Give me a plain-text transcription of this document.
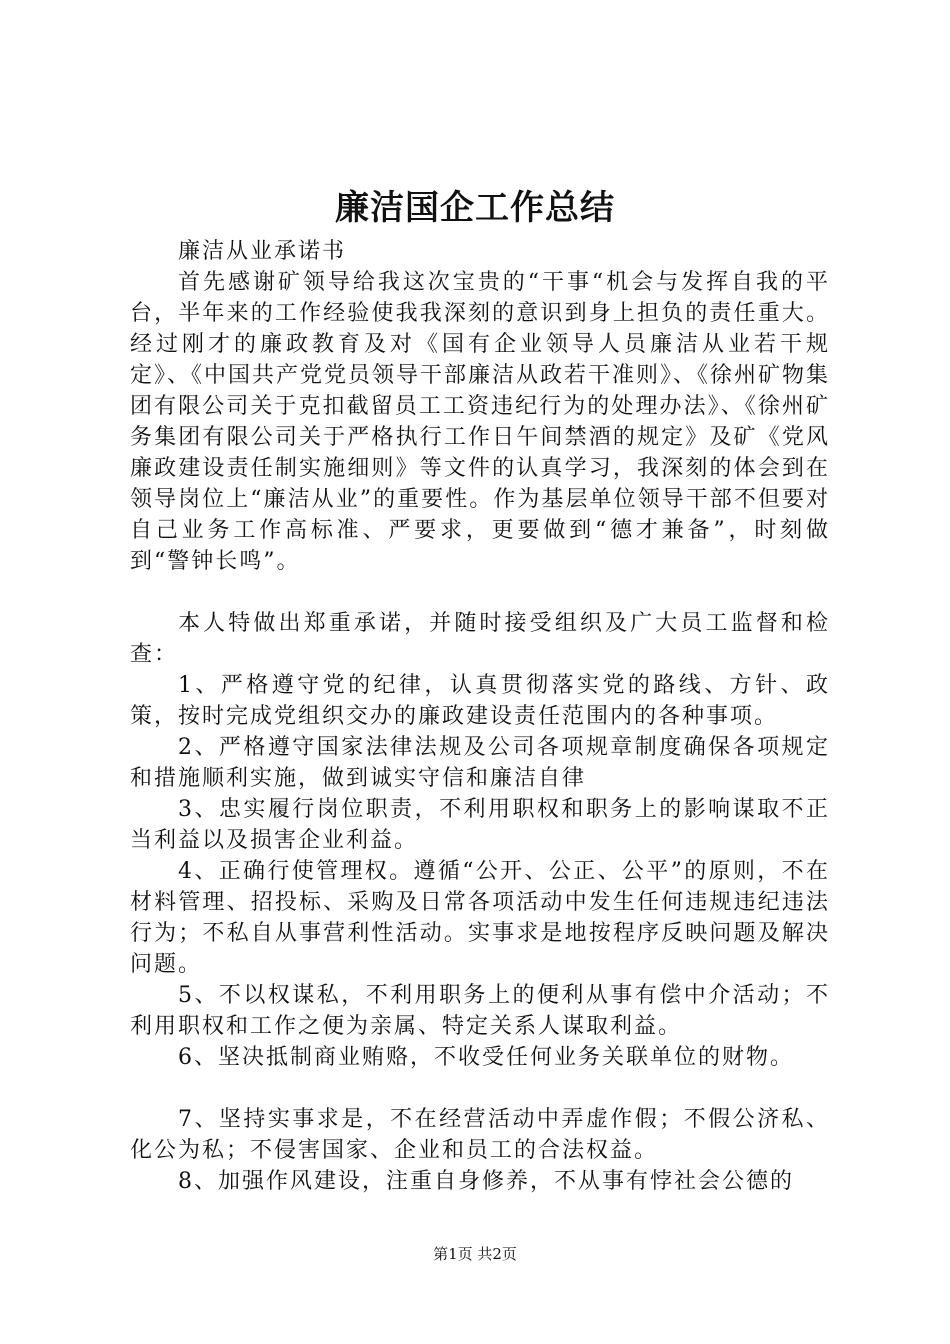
廉洁国企工作总结

廉洁从业承诺书

首先感谢矿领导给我这次宝贵的“干事“机会与发挥自我的平台，半年来的工作经验使我我深刻的意识到身上担负的责任重大。经过刚才的廉政教育及对《国有企业领导人员廉洁从业若干规定》、《中国共产党党员领导干部廉洁从政若干准则》、《徐州矿物集团有限公司关于克扣截留员工工资违纪行为的处理办法》、《徐州矿务集团有限公司关于严格执行工作日午间禁酒的规定》及矿《党风廉政建设责任制实施细则》等文件的认真学习，我深刻的体会到在领导岗位上“廉洁从业”的重要性。作为基层单位领导干部不但要对自己业务工作高标准、严要求，更要做到“德才兼备”，时刻做到“警钟长鸣”。

本人特做出郑重承诺，并随时接受组织及广大员工监督和检查：

1、严格遵守党的纪律，认真贯彻落实党的路线、方针、政策，按时完成党组织交办的廉政建设责任范围内的各种事项。

2、严格遵守国家法律法规及公司各项规章制度确保各项规定和措施顺利实施，做到诚实守信和廉洁自律

3、忠实履行岗位职责，不利用职权和职务上的影响谋取不正当利益以及损害企业利益。

4、正确行使管理权。遵循“公开、公正、公平”的原则，不在材料管理、招投标、采购及日常各项活动中发生任何违规违纪违法行为；不私自从事营利性活动。实事求是地按程序反映问题及解决问题。

5、不以权谋私，不利用职务上的便利从事有偿中介活动；不利用职权和工作之便为亲属、特定关系人谋取利益。

6、坚决抵制商业贿赂，不收受任何业务关联单位的财物。

7、坚持实事求是，不在经营活动中弄虚作假；不假公济私、化公为私；不侵害国家、企业和员工的合法权益。

8、加强作风建设，注重自身修养，不从事有悖社会公德的

第1页 共2页
